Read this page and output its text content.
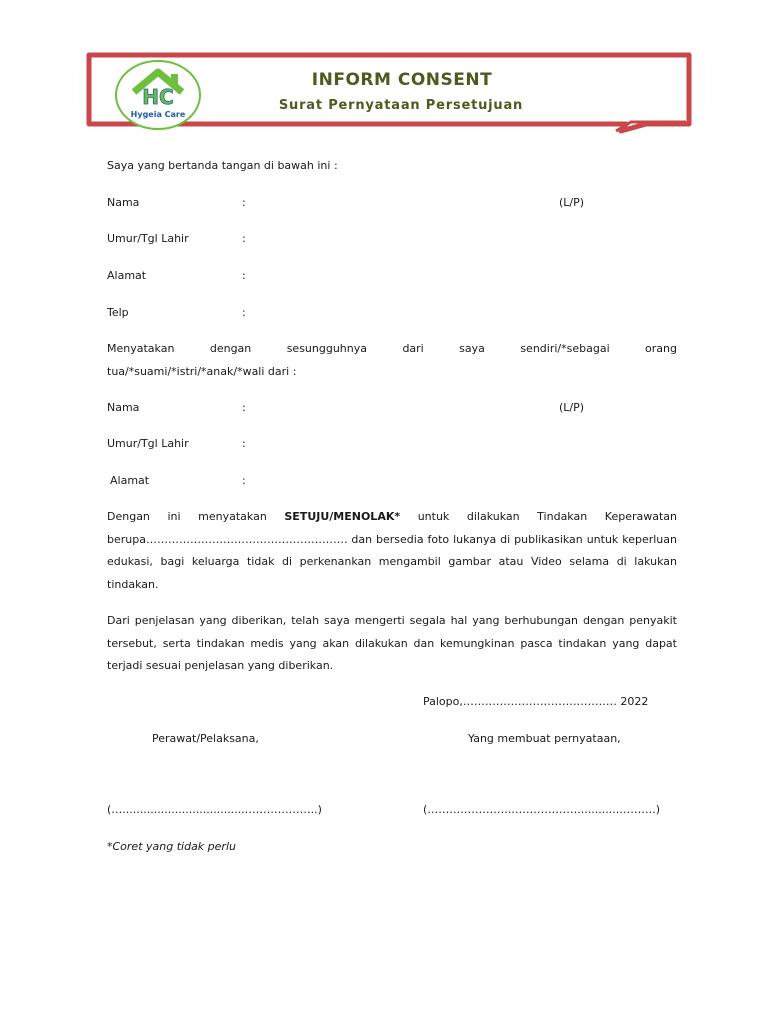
HC
Hygeia Care
INFORM CONSENT
Surat Pernyataan Persetujuan
Saya yang bertanda tangan di bawah ini :
Nama	:	(L/P)
Umur/Tgl Lahir	:
Alamat	:
Telp	:
Menyatakan dengan sesungguhnya dari saya sendiri/*sebagai orang
tua/*suami/*istri/*anak/*wali dari :
Nama	:	(L/P)
Umur/Tgl Lahir	:
Alamat	:
Dengan ini menyatakan SETUJU/MENOLAK* untuk dilakukan Tindakan Keperawatan berupa………………………………………………. dan bersedia foto lukanya di publikasikan untuk keperluan edukasi, bagi keluarga tidak di perkenankan mengambil gambar atau Video selama di lakukan tindakan.
Dari penjelasan yang diberikan, telah saya mengerti segala hal yang berhubungan dengan penyakit tersebut, serta tindakan medis yang akan dilakukan dan kemungkinan pasca tindakan yang dapat terjadi sesuai penjelasan yang diberikan.
Palopo,…………………………………… 2022
Perawat/Pelaksana,	Yang membuat pernyataan,
(…...................................………………..)	(…………………..………………............……….)
*Coret yang tidak perlu
